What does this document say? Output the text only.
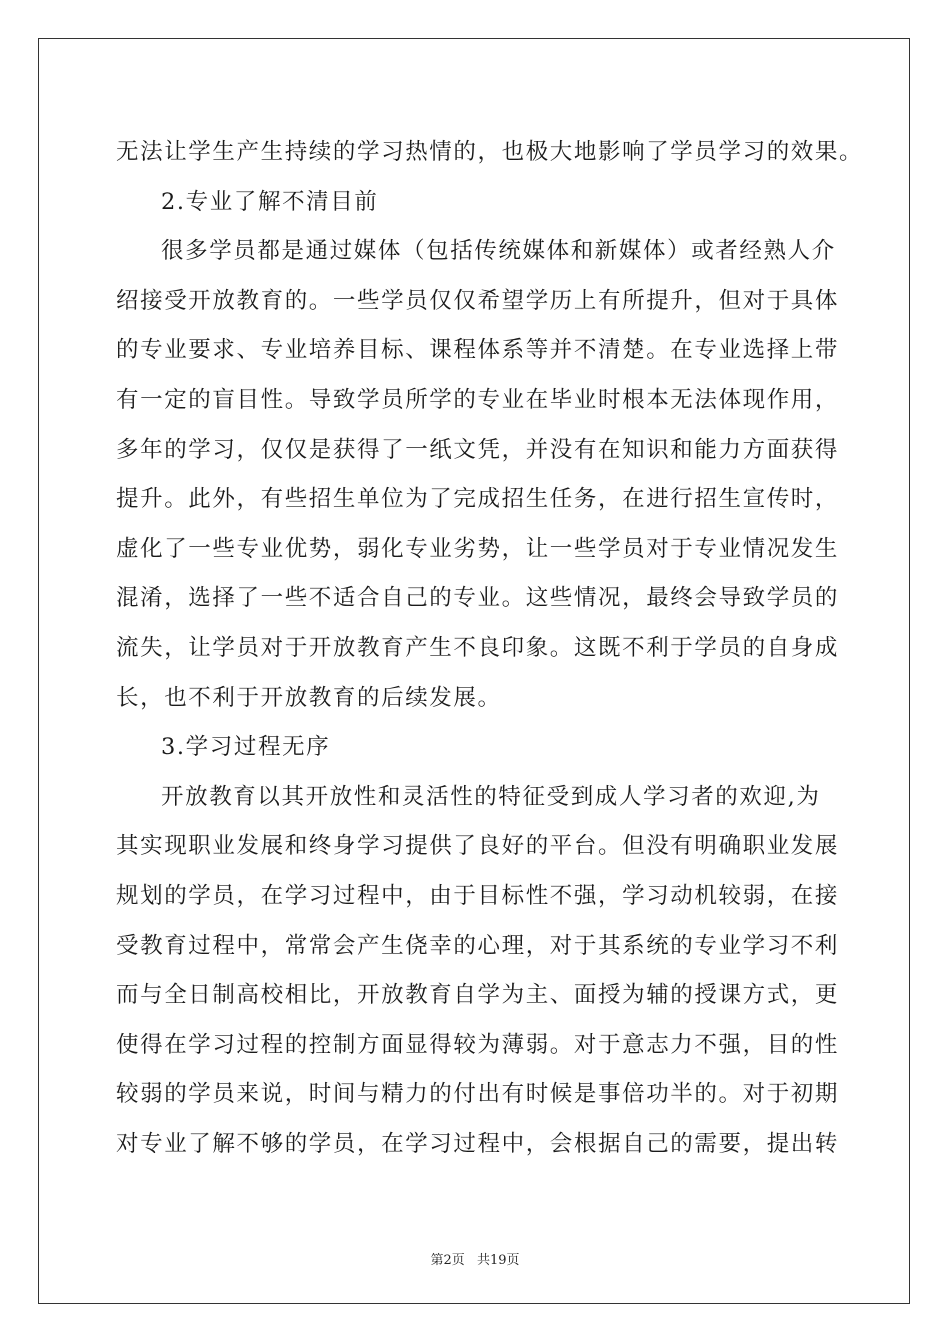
无法让学生产生持续的学习热情的，也极大地影响了学员学习的效果。
2.专业了解不清目前
很多学员都是通过媒体（包括传统媒体和新媒体）或者经熟人介
绍接受开放教育的。一些学员仅仅希望学历上有所提升，但对于具体
的专业要求、专业培养目标、课程体系等并不清楚。在专业选择上带
有一定的盲目性。导致学员所学的专业在毕业时根本无法体现作用，
多年的学习，仅仅是获得了一纸文凭，并没有在知识和能力方面获得
提升。此外，有些招生单位为了完成招生任务，在进行招生宣传时，
虚化了一些专业优势，弱化专业劣势，让一些学员对于专业情况发生
混淆，选择了一些不适合自己的专业。这些情况，最终会导致学员的
流失，让学员对于开放教育产生不良印象。这既不利于学员的自身成
长，也不利于开放教育的后续发展。
3.学习过程无序
开放教育以其开放性和灵活性的特征受到成人学习者的欢迎,为
其实现职业发展和终身学习提供了良好的平台。但没有明确职业发展
规划的学员，在学习过程中，由于目标性不强，学习动机较弱，在接
受教育过程中，常常会产生侥幸的心理，对于其系统的专业学习不利
而与全日制高校相比，开放教育自学为主、面授为辅的授课方式，更
使得在学习过程的控制方面显得较为薄弱。对于意志力不强，目的性
较弱的学员来说，时间与精力的付出有时候是事倍功半的。对于初期
对专业了解不够的学员，在学习过程中，会根据自己的需要，提出转
第2页 共19页
